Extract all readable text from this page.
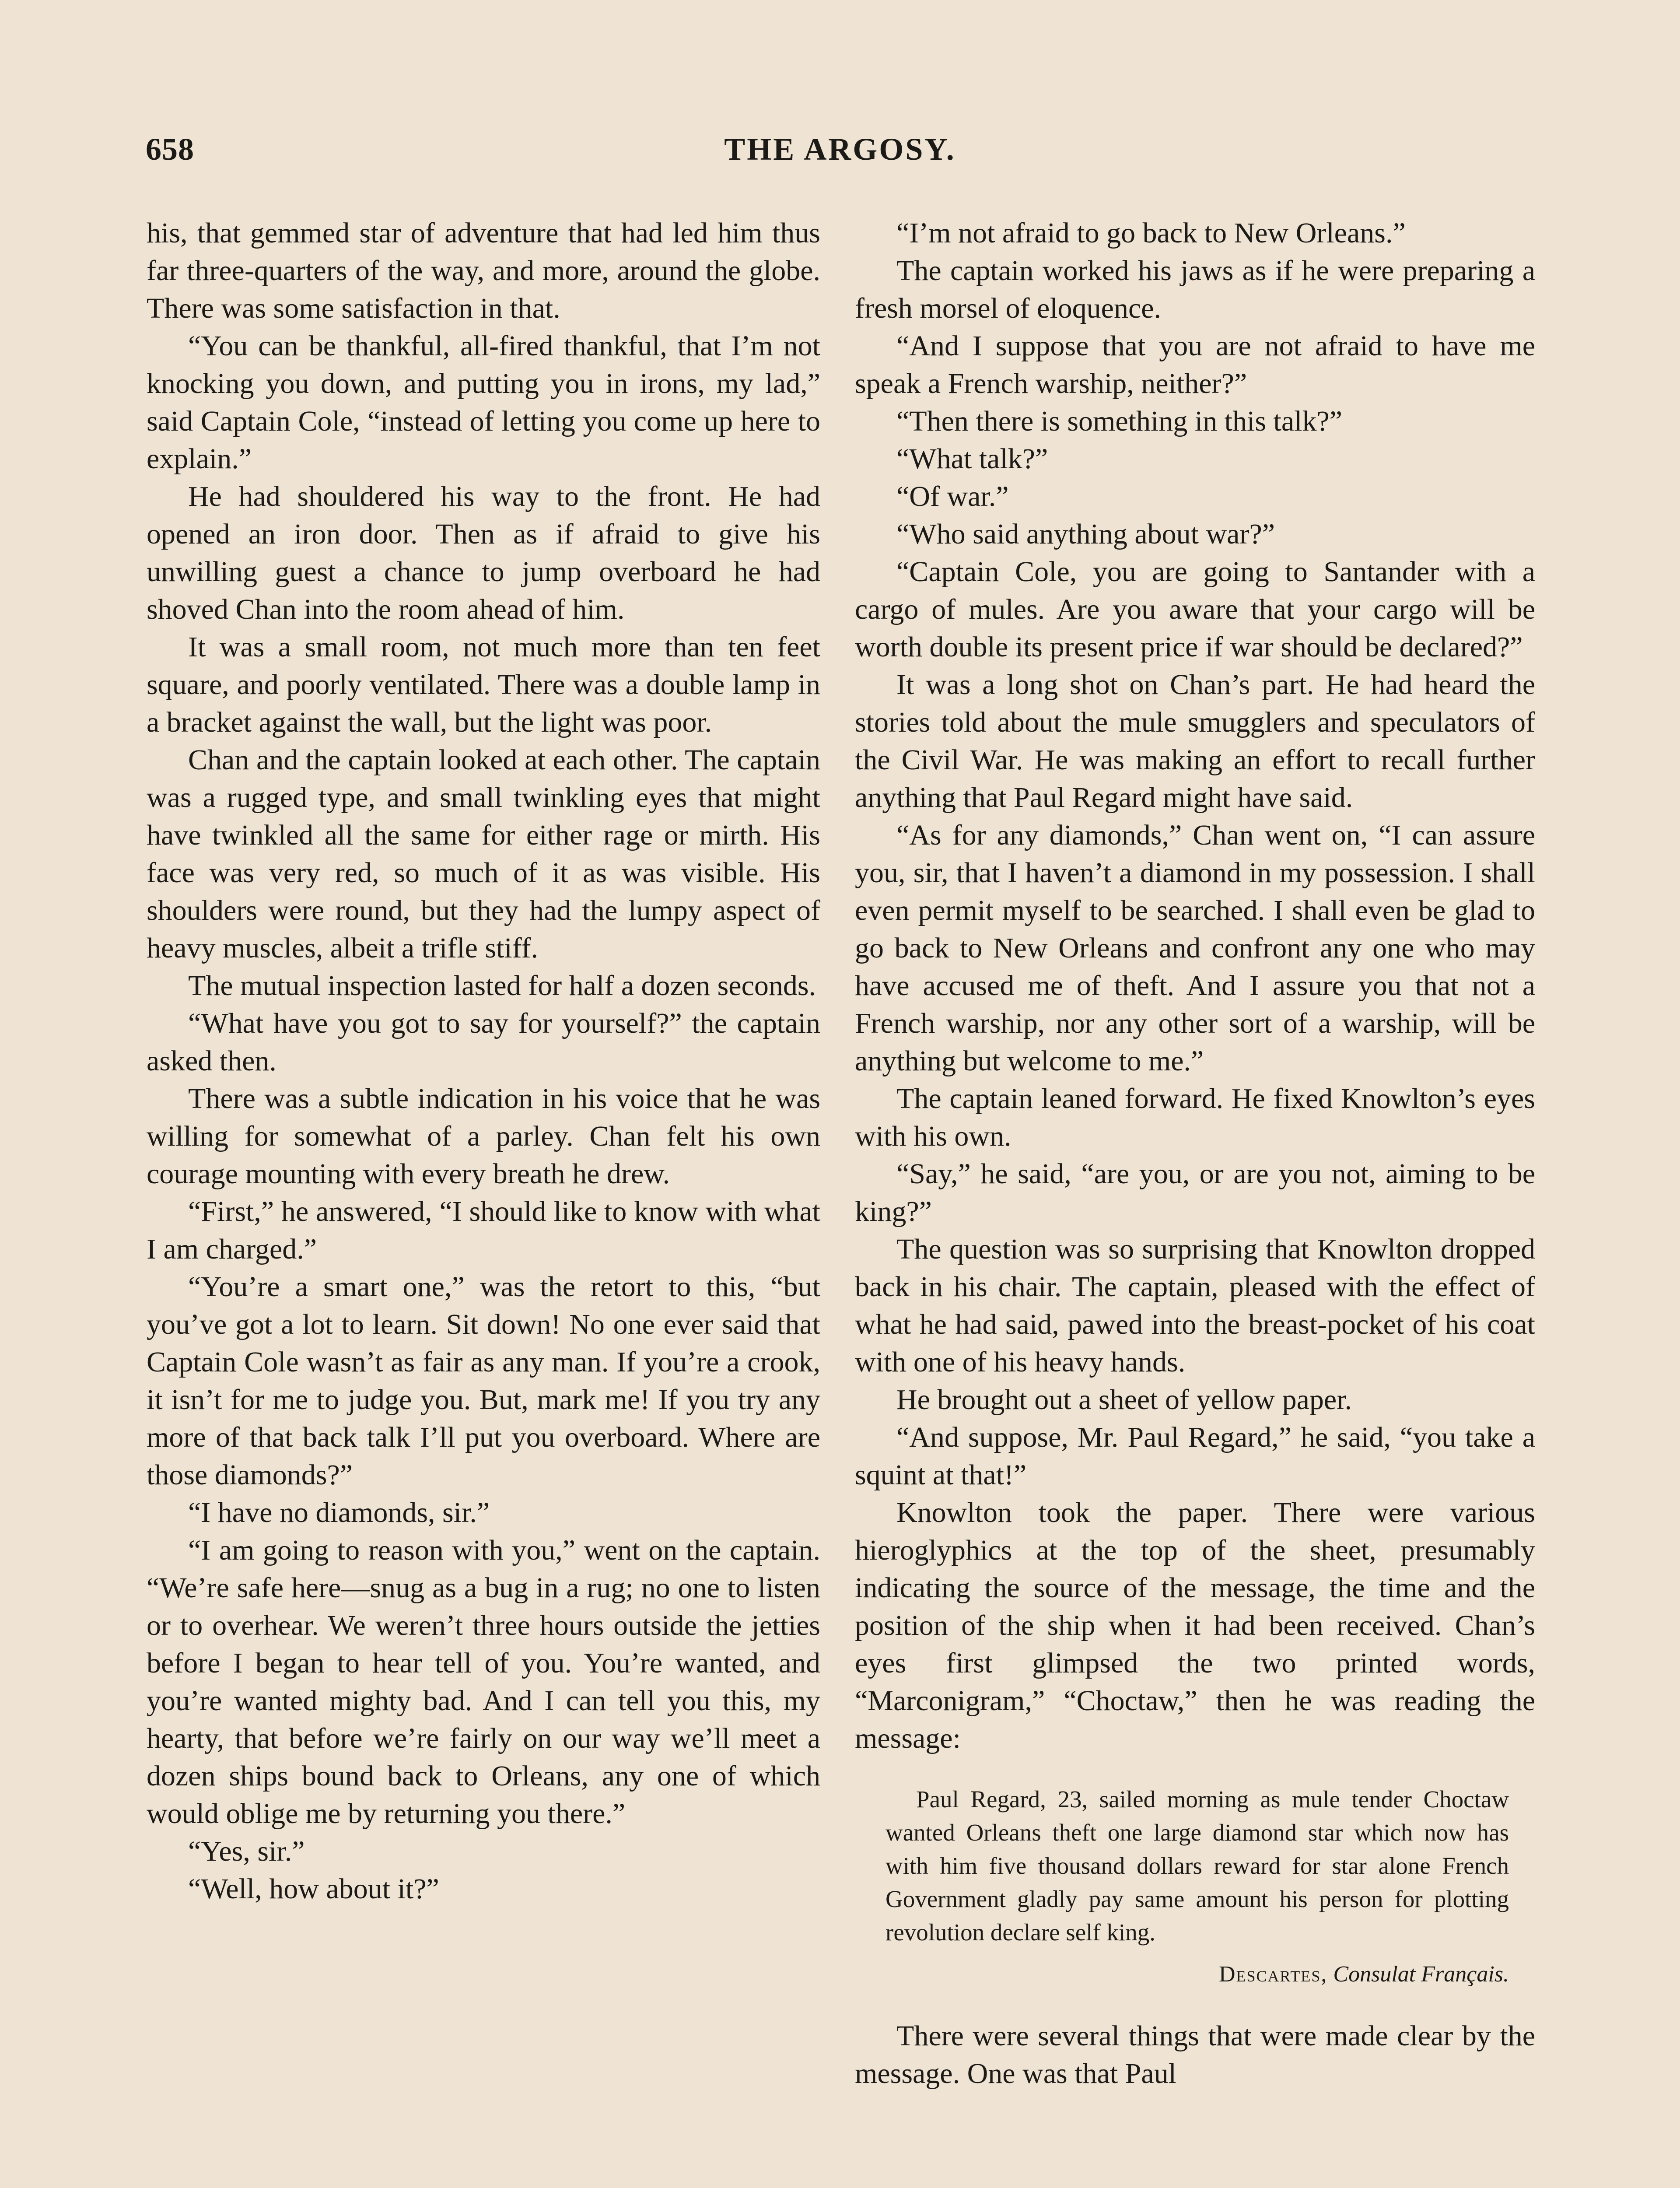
658	THE ARGOSY.

his, that gemmed star of adventure that had led him thus far three-quarters of the way, and more, around the globe. There was some satisfaction in that.

“You can be thankful, all-fired thankful, that I’m not knocking you down, and putting you in irons, my lad,” said Captain Cole, “instead of letting you come up here to explain.”

He had shouldered his way to the front. He had opened an iron door. Then as if afraid to give his unwilling guest a chance to jump overboard he had shoved Chan into the room ahead of him.

It was a small room, not much more than ten feet square, and poorly ventilated. There was a double lamp in a bracket against the wall, but the light was poor.

Chan and the captain looked at each other. The captain was a rugged type, and small twinkling eyes that might have twinkled all the same for either rage or mirth. His face was very red, so much of it as was visible. His shoulders were round, but they had the lumpy aspect of heavy muscles, albeit a trifle stiff.

The mutual inspection lasted for half a dozen seconds.

“What have you got to say for yourself?” the captain asked then.

There was a subtle indication in his voice that he was willing for somewhat of a parley. Chan felt his own courage mounting with every breath he drew.

“First,” he answered, “I should like to know with what I am charged.”

“You’re a smart one,” was the retort to this, “but you’ve got a lot to learn. Sit down! No one ever said that Captain Cole wasn’t as fair as any man. If you’re a crook, it isn’t for me to judge you. But, mark me! If you try any more of that back talk I’ll put you overboard. Where are those diamonds?”

“I have no diamonds, sir.”

“I am going to reason with you,” went on the captain. “We’re safe here—snug as a bug in a rug; no one to listen or to overhear. We weren’t three hours outside the jetties before I began to hear tell of you. You’re wanted, and you’re wanted mighty bad. And I can tell you this, my hearty, that before we’re fairly on our way we’ll meet a dozen ships bound back to Orleans, any one of which would oblige me by returning you there.”

“Yes, sir.”

“Well, how about it?”

“I’m not afraid to go back to New Orleans.”

The captain worked his jaws as if he were preparing a fresh morsel of eloquence.

“And I suppose that you are not afraid to have me speak a French warship, neither?”

“Then there is something in this talk?”

“What talk?”

“Of war.”

“Who said anything about war?”

“Captain Cole, you are going to Santander with a cargo of mules. Are you aware that your cargo will be worth double its present price if war should be declared?”

It was a long shot on Chan’s part. He had heard the stories told about the mule smugglers and speculators of the Civil War. He was making an effort to recall further anything that Paul Regard might have said.

“As for any diamonds,” Chan went on, “I can assure you, sir, that I haven’t a diamond in my possession. I shall even permit myself to be searched. I shall even be glad to go back to New Orleans and confront any one who may have accused me of theft. And I assure you that not a French warship, nor any other sort of a warship, will be anything but welcome to me.”

The captain leaned forward. He fixed Knowlton’s eyes with his own.

“Say,” he said, “are you, or are you not, aiming to be king?”

The question was so surprising that Knowlton dropped back in his chair. The captain, pleased with the effect of what he had said, pawed into the breast-pocket of his coat with one of his heavy hands.

He brought out a sheet of yellow paper.

“And suppose, Mr. Paul Regard,” he said, “you take a squint at that!”

Knowlton took the paper. There were various hieroglyphics at the top of the sheet, presumably indicating the source of the message, the time and the position of the ship when it had been received. Chan’s eyes first glimpsed the two printed words, “Marconigram,” “Choctaw,” then he was reading the message:

Paul Regard, 23, sailed morning as mule tender Choctaw wanted Orleans theft one large diamond star which now has with him five thousand dollars reward for star alone French Government gladly pay same amount his person for plotting revolution declare self king.

Descartes, Consulat Français.

There were several things that were made clear by the message. One was that Paul
